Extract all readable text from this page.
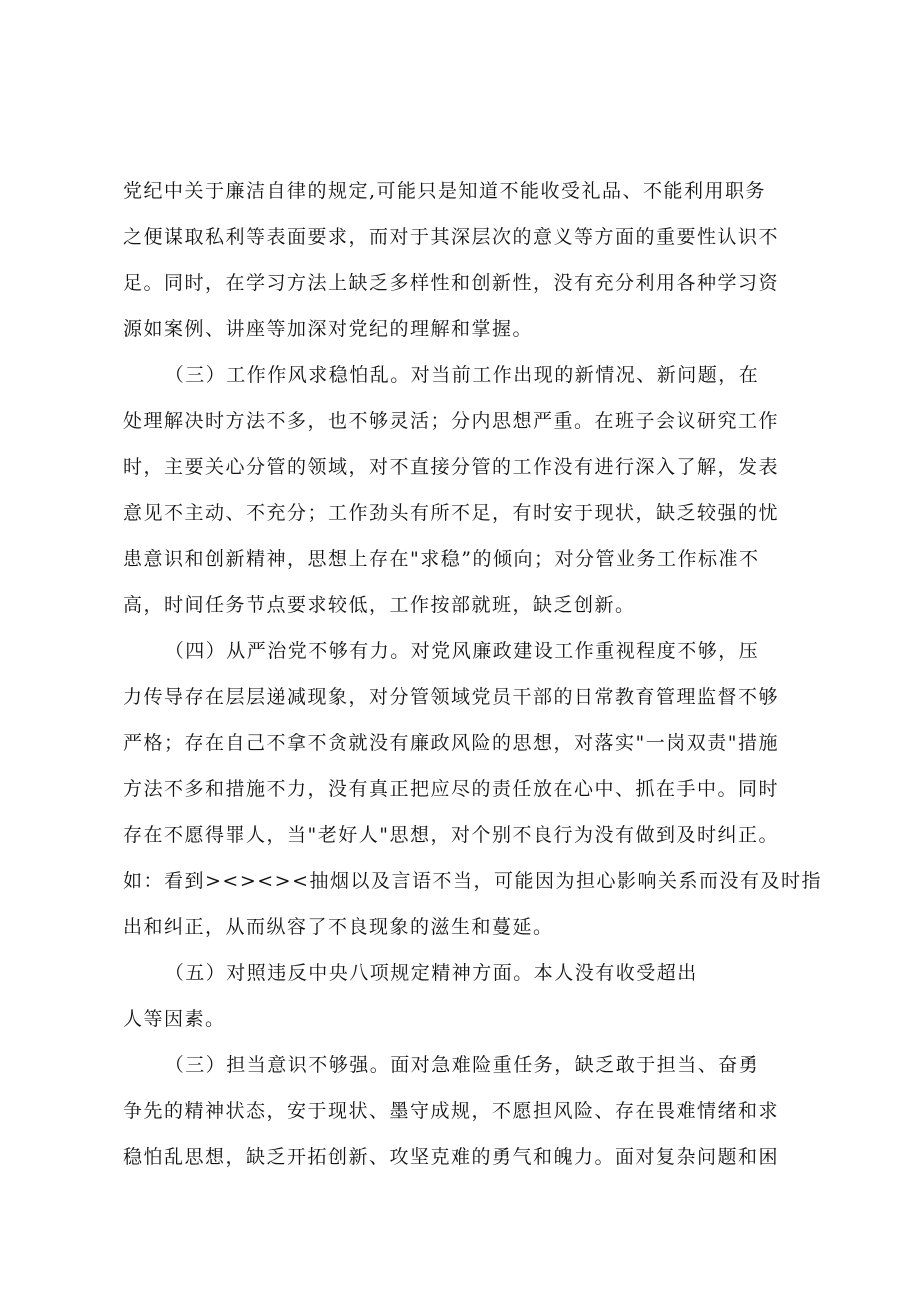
党纪中关于廉洁自律的规定,可能只是知道不能收受礼品、不能利用职务
之便谋取私利等表面要求，而对于其深层次的意义等方面的重要性认识不
足。同时，在学习方法上缺乏多样性和创新性，没有充分利用各种学习资
源如案例、讲座等加深对党纪的理解和掌握。

（三）工作作风求稳怕乱。对当前工作出现的新情况、新问题，在
处理解决时方法不多，也不够灵活；分内思想严重。在班子会议研究工作
时，主要关心分管的领域，对不直接分管的工作没有进行深入了解，发表
意见不主动、不充分；工作劲头有所不足，有时安于现状，缺乏较强的忧
患意识和创新精神，思想上存在"求稳”的倾向；对分管业务工作标准不
高，时间任务节点要求较低，工作按部就班，缺乏创新。

（四）从严治党不够有力。对党风廉政建设工作重视程度不够，压
力传导存在层层递减现象，对分管领域党员干部的日常教育管理监督不够
严格；存在自己不拿不贪就没有廉政风险的思想，对落实"一岗双责"措施
方法不多和措施不力，没有真正把应尽的责任放在心中、抓在手中。同时
存在不愿得罪人，当"老好人"思想，对个别不良行为没有做到及时纠正。
如：看到><><><抽烟以及言语不当，可能因为担心影响关系而没有及时指
出和纠正，从而纵容了不良现象的滋生和蔓延。

（五）对照违反中央八项规定精神方面。本人没有收受超出

人等因素。

（三）担当意识不够强。面对急难险重任务，缺乏敢于担当、奋勇
争先的精神状态，安于现状、墨守成规，不愿担风险、存在畏难情绪和求
稳怕乱思想，缺乏开拓创新、攻坚克难的勇气和魄力。面对复杂问题和困
